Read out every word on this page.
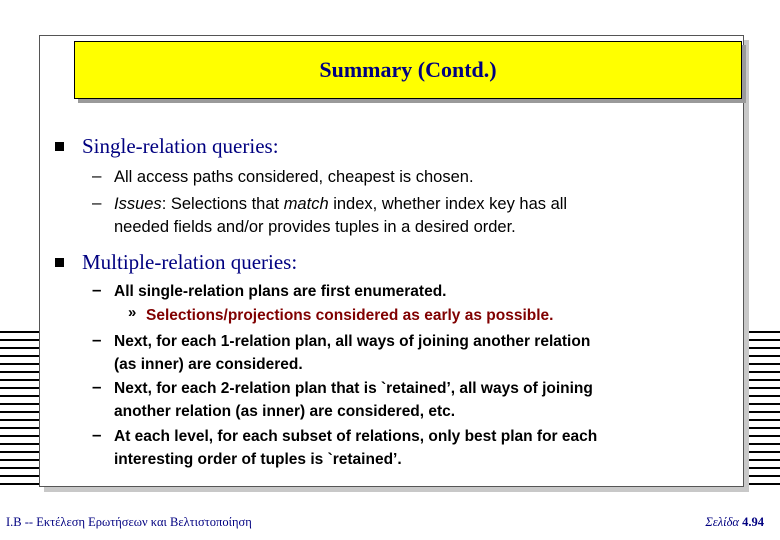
Summary (Contd.)
Single-relation queries:
– All access paths considered, cheapest is chosen.
– Issues: Selections that match index, whether index key has all
needed fields and/or provides tuples in a desired order.
Multiple-relation queries:
– All single-relation plans are first enumerated.
» Selections/projections considered as early as possible.
– Next, for each 1-relation plan, all ways of joining another relation
(as inner) are considered.
– Next, for each 2-relation plan that is `retained’, all ways of joining
another relation (as inner) are considered, etc.
– At each level, for each subset of relations, only best plan for each
interesting order of tuples is `retained’.
Ι.Β -- Εκτέλεση Ερωτήσεων και Βελτιστοποίηση	Σελίδα 4.94
